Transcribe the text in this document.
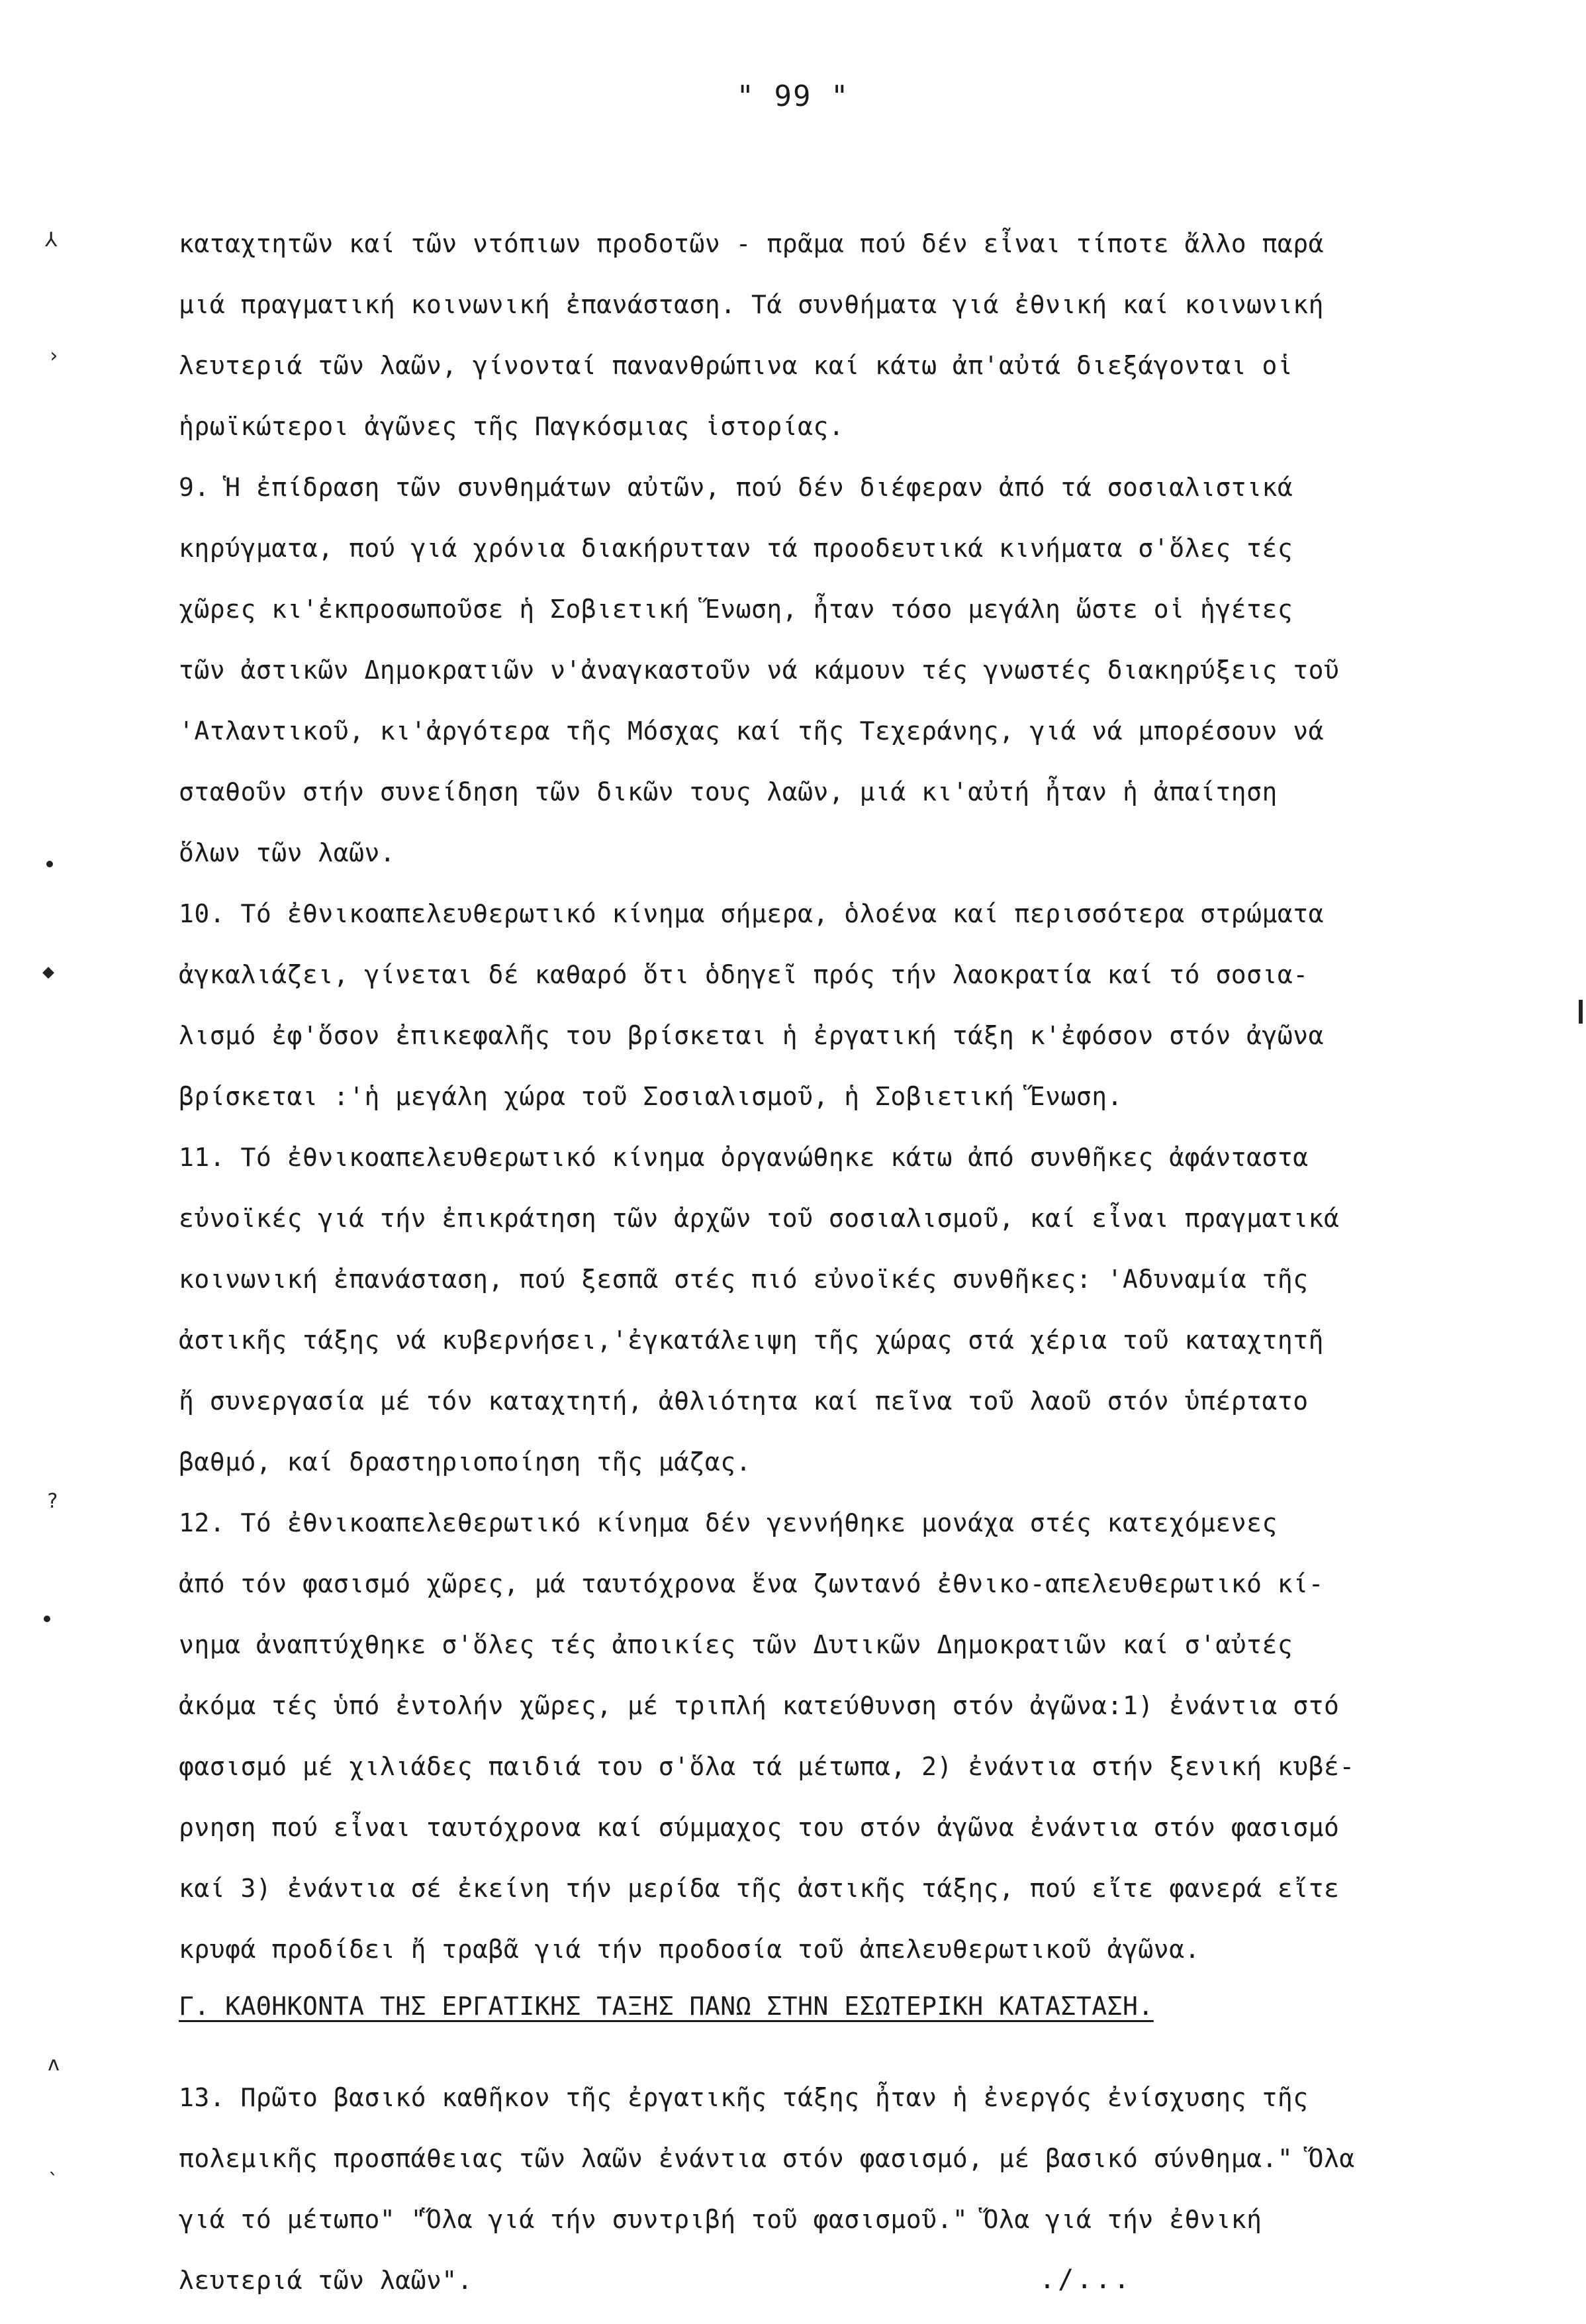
" 99 "
⅄
›
◆
?
ʌ
ˎ
καταχτητῶν καί τῶν ντόπιων προδοτῶν - πρᾶμα πού δέν εἶναι τίποτε ἄλλο παρά
μιά πραγματική κοινωνική ἐπανάσταση. Τά συνθήματα γιά ἐθνική καί κοινωνική
λευτεριά τῶν λαῶν, γίνονταί πανανθρώπινα καί κάτω ἀπ'αὐτά διεξάγονται οἱ
ἡρωϊκώτεροι ἀγῶνες τῆς Παγκόσμιας ἱστορίας.
9. Ἡ ἐπίδραση τῶν συνθημάτων αὐτῶν, πού δέν διέφεραν ἀπό τά σοσιαλιστικά
κηρύγματα, πού γιά χρόνια διακήρυτταν τά προοδευτικά κινήματα σ'ὅλες τές
χῶρες κι'ἐκπροσωποῦσε ἡ Σοβιετική Ἕνωση, ἦταν τόσο μεγάλη ὥστε οἱ ἡγέτες
τῶν ἀστικῶν Δημοκρατιῶν ν'ἀναγκαστοῦν νά κάμουν τές γνωστές διακηρύξεις τοῦ
'Ατλαντικοῦ, κι'ἀργότερα τῆς Μόσχας καί τῆς Τεχεράνης, γιά νά μπορέσουν νά
σταθοῦν στήν συνείδηση τῶν δικῶν τους λαῶν, μιά κι'αὐτή ἦταν ἡ ἀπαίτηση
ὅλων τῶν λαῶν.
10. Τό ἐθνικοαπελευθερωτικό κίνημα σήμερα, ὁλοένα καί περισσότερα στρώματα
ἀγκαλιάζει, γίνεται δέ καθαρό ὅτι ὁδηγεῖ πρός τήν λαοκρατία καί τό σοσια-
λισμό ἐφ'ὅσον ἐπικεφαλῆς του βρίσκεται ἡ ἐργατική τάξη κ'ἐφόσον στόν ἀγῶνα
βρίσκεται :'ἡ μεγάλη χώρα τοῦ Σοσιαλισμοῦ, ἡ Σοβιετική Ἕνωση.
11. Τό ἐθνικοαπελευθερωτικό κίνημα ὀργανώθηκε κάτω ἀπό συνθῆκες ἀφάνταστα
εὐνοϊκές γιά τήν ἐπικράτηση τῶν ἀρχῶν τοῦ σοσιαλισμοῦ, καί εἶναι πραγματικά
κοινωνική ἐπανάσταση, πού ξεσπᾶ στές πιό εὐνοϊκές συνθῆκες: 'Αδυναμία τῆς
ἀστικῆς τάξης νά κυβερνήσει,'ἐγκατάλειψη τῆς χώρας στά χέρια τοῦ καταχτητῆ
ἤ συνεργασία μέ τόν καταχτητή, ἀθλιότητα καί πεῖνα τοῦ λαοῦ στόν ὑπέρτατο
βαθμό, καί δραστηριοποίηση τῆς μάζας.
12. Τό ἐθνικοαπελεθερωτικό κίνημα δέν γεννήθηκε μονάχα στές κατεχόμενες
ἀπό τόν φασισμό χῶρες, μά ταυτόχρονα ἕνα ζωντανό ἐθνικο-απελευθερωτικό κί-
νημα ἀναπτύχθηκε σ'ὅλες τές ἀποικίες τῶν Δυτικῶν Δημοκρατιῶν καί σ'αὐτές
ἀκόμα τές ὑπό ἐντολήν χῶρες, μέ τριπλή κατεύθυνση στόν ἀγῶνα:1) ἐνάντια στό
φασισμό μέ χιλιάδες παιδιά του σ'ὅλα τά μέτωπα, 2) ἐνάντια στήν ξενική κυβέ-
ρνηση πού εἶναι ταυτόχρονα καί σύμμαχος του στόν ἀγῶνα ἐνάντια στόν φασισμό
καί 3) ἐνάντια σέ ἐκείνη τήν μερίδα τῆς ἀστικῆς τάξης, πού εἴτε φανερά εἴτε
κρυφά προδίδει ἤ τραβᾶ γιά τήν προδοσία τοῦ ἀπελευθερωτικοῦ ἀγῶνα.
Γ. ΚΑΘΗΚΟΝΤΑ ΤΗΣ ΕΡΓΑΤΙΚΗΣ ΤΑΞΗΣ ΠΑΝΩ ΣΤΗΝ ΕΣΩΤΕΡΙΚΗ ΚΑΤΑΣΤΑΣΗ.
13. Πρῶτο βασικό καθῆκον τῆς ἐργατικῆς τάξης ἦταν ἡ ἐνεργός ἐνίσχυσης τῆς
πολεμικῆς προσπάθειας τῶν λαῶν ἐνάντια στόν φασισμό, μέ βασικό σύνθημα." Ὅλα
γιά τό μέτωπο" "Ὅλα γιά τήν συντριβή τοῦ φασισμοῦ." Ὅλα γιά τήν ἐθνική
λευτεριά τῶν λαῶν".	./...
